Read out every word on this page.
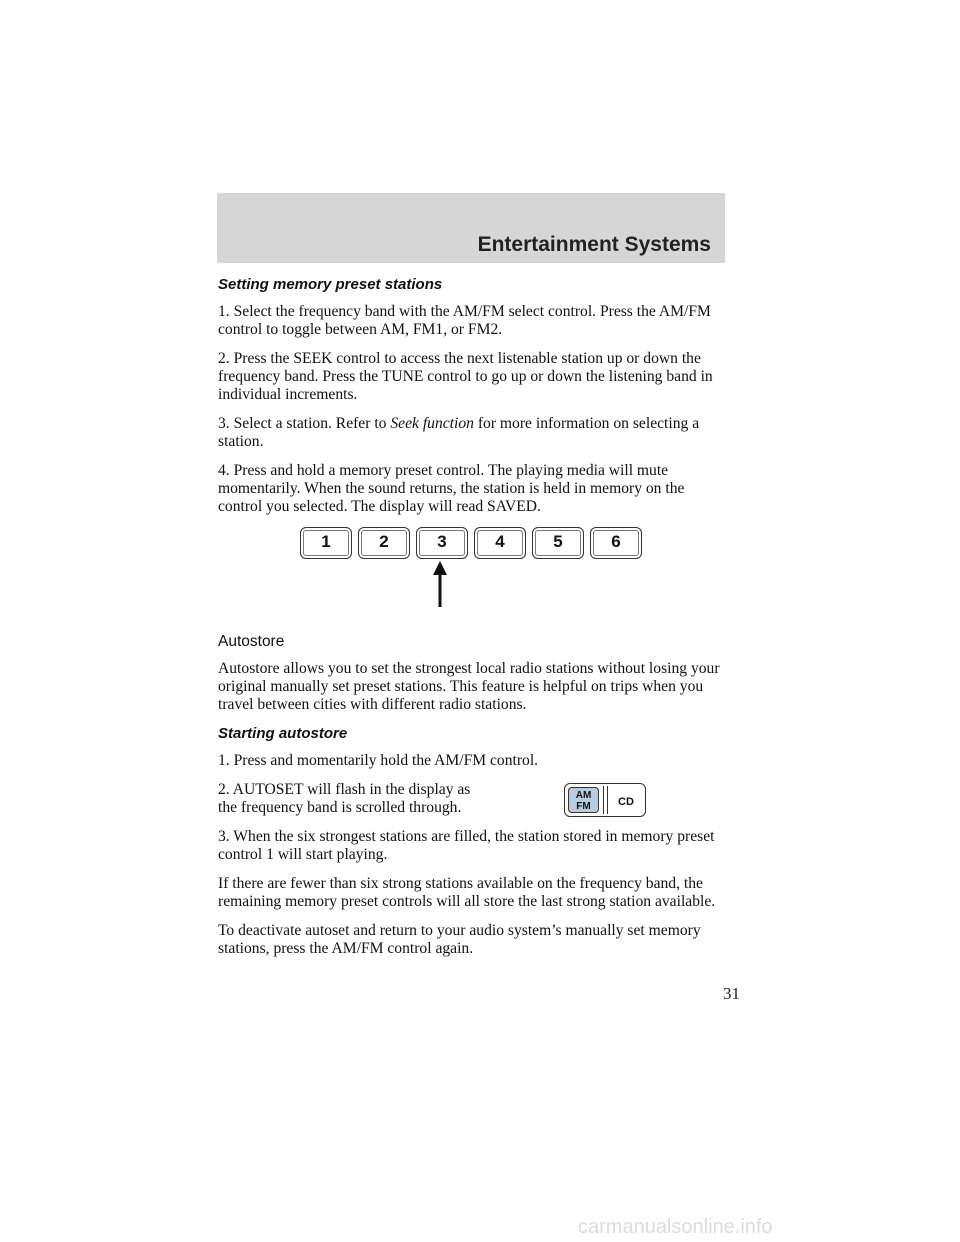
Entertainment Systems
Setting memory preset stations

1. Select the frequency band with the AM/FM select control. Press the AM/FM control to toggle between AM, FM1, or FM2.

2. Press the SEEK control to access the next listenable station up or down the frequency band. Press the TUNE control to go up or down the listening band in individual increments.

3. Select a station. Refer to Seek function for more information on selecting a station.

4. Press and hold a memory preset control. The playing media will mute momentarily. When the sound returns, the station is held in memory on the control you selected. The display will read SAVED.

1	2	3	4	5	6
Autostore

Autostore allows you to set the strongest local radio stations without losing your original manually set preset stations. This feature is helpful on trips when you travel between cities with different radio stations.

Starting autostore

1. Press and momentarily hold the AM/FM control.

AM
FM	CD

2. AUTOSET will flash in the display as the frequency band is scrolled through.

3. When the six strongest stations are filled, the station stored in memory preset control 1 will start playing.

If there are fewer than six strong stations available on the frequency band, the remaining memory preset controls will all store the last strong station available.

To deactivate autoset and return to your audio system’s manually set memory stations, press the AM/FM control again.

31
carmanualsonline.info
